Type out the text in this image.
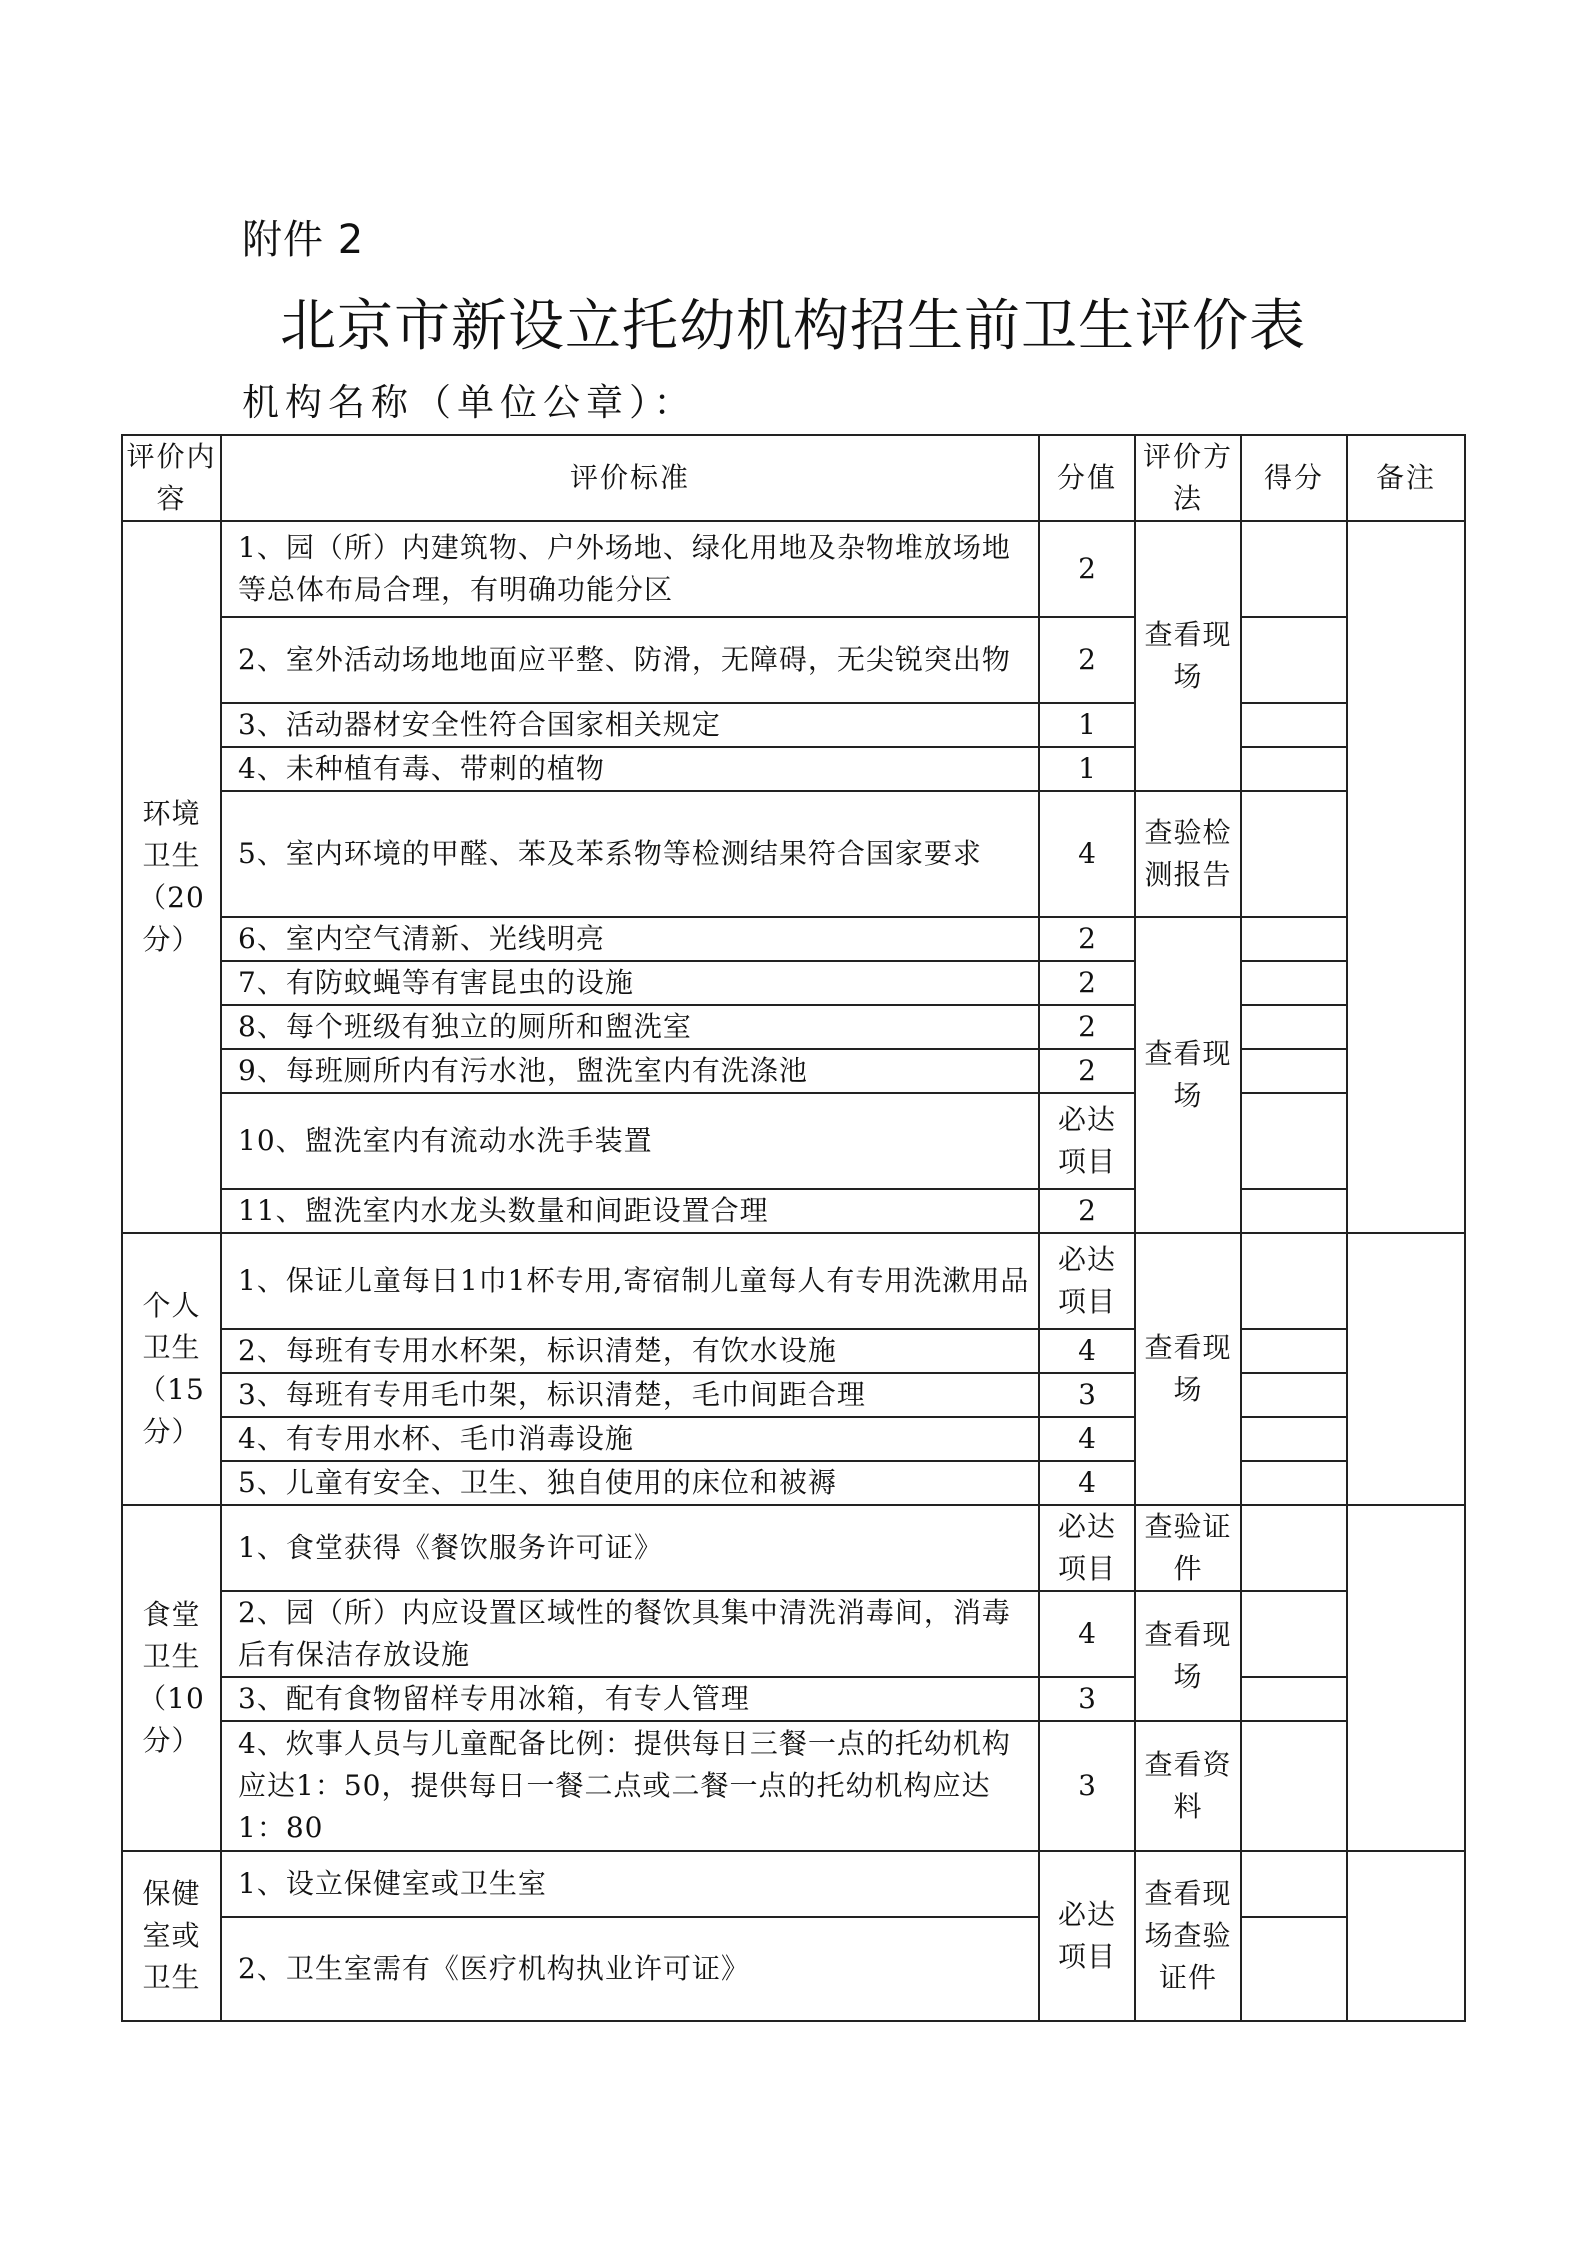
附件 2
北京市新设立托幼机构招生前卫生评价表
机构名称（单位公章）：
评价内容	评价标准	分值	评价方法	得分	备注
环境卫生（20分）	1、园（所）内建筑物、户外场地、绿化用地及杂物堆放场地等总体布局合理，有明确功能分区	2	查看现场		
	2、室外活动场地地面应平整、防滑，无障碍，无尖锐突出物	2			
	3、活动器材安全性符合国家相关规定	1			
	4、未种植有毒、带刺的植物	1			
	5、室内环境的甲醛、苯及苯系物等检测结果符合国家要求	4	查验检测报告		
	6、室内空气清新、光线明亮	2	查看现场		
	7、有防蚊蝇等有害昆虫的设施	2			
	8、每个班级有独立的厕所和盥洗室	2			
	9、每班厕所内有污水池，盥洗室内有洗涤池	2			
	10、盥洗室内有流动水洗手装置	必达项目			
	11、盥洗室内水龙头数量和间距设置合理	2			
个人卫生（15分）	1、保证儿童每日1巾1杯专用,寄宿制儿童每人有专用洗漱用品	必达项目	查看现场		
	2、每班有专用水杯架，标识清楚，有饮水设施	4			
	3、每班有专用毛巾架，标识清楚，毛巾间距合理	3			
	4、有专用水杯、毛巾消毒设施	4			
	5、儿童有安全、卫生、独自使用的床位和被褥	4			
食堂卫生（10分）	1、食堂获得《餐饮服务许可证》	必达项目	查验证件		
	2、园（所）内应设置区域性的餐饮具集中清洗消毒间，消毒后有保洁存放设施	4	查看现场		
	3、配有食物留样专用冰箱，有专人管理	3			
	4、炊事人员与儿童配备比例：提供每日三餐一点的托幼机构应达1：50，提供每日一餐二点或二餐一点的托幼机构应达1：80	3	查看资料		
保健室或卫生	1、设立保健室或卫生室	必达项目	查看现场查验证件		
	2、卫生室需有《医疗机构执业许可证》				
